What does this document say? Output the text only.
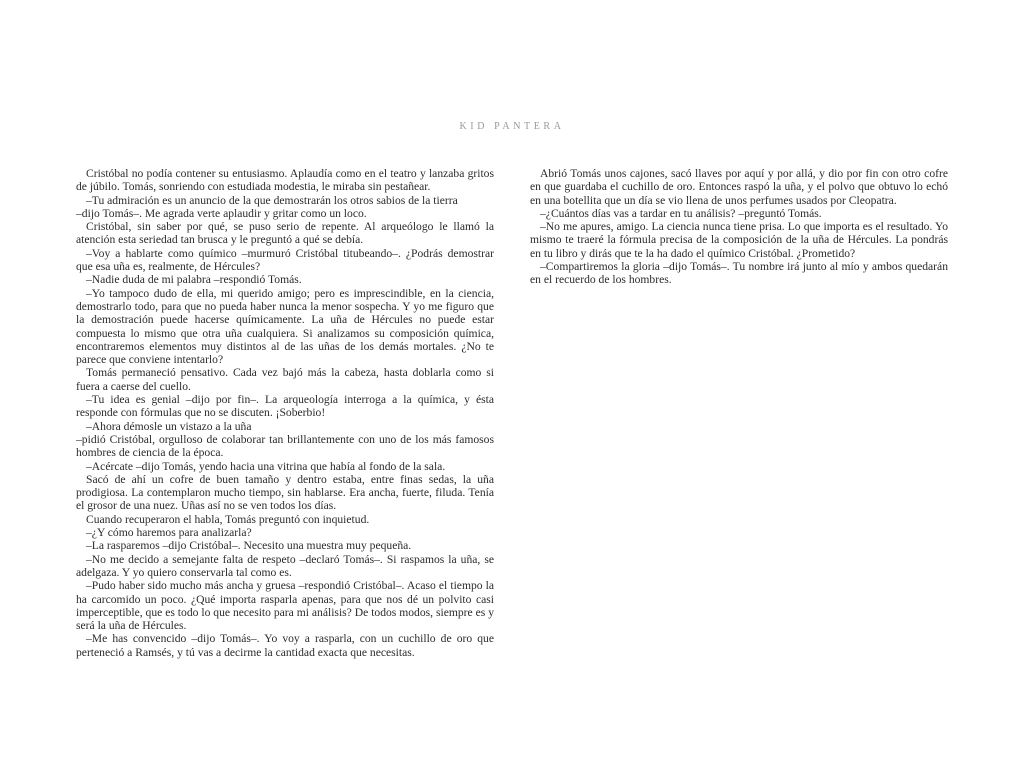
KID PANTERA

Cristóbal no podía contener su entusiasmo. Aplaudía como en el teatro y lanzaba gritos de júbilo. Tomás, sonriendo con estudiada modestia, le miraba sin pestañear.

–Tu admiración es un anuncio de la que demostrarán los otros sabios de la tierra

–dijo Tomás–. Me agrada verte aplaudir y gritar como un loco.

Cristóbal, sin saber por qué, se puso serio de repente. Al arqueólogo le llamó la atención esta seriedad tan brusca y le preguntó a qué se debía.

–Voy a hablarte como químico –murmuró Cristóbal titubeando–. ¿Podrás demostrar que esa uña es, realmente, de Hércules?

–Nadie duda de mi palabra –respondió Tomás.

–Yo tampoco dudo de ella, mi querido amigo; pero es imprescindible, en la ciencia, demostrarlo todo, para que no pueda haber nunca la menor sospecha. Y yo me figuro que la demostración puede hacerse químicamente. La uña de Hércules no puede estar compuesta lo mismo que otra uña cualquiera. Si analizamos su composición química, encontraremos elementos muy distintos al de las uñas de los demás mortales. ¿No te parece que conviene intentarlo?

Tomás permaneció pensativo. Cada vez bajó más la cabeza, hasta doblarla como si fuera a caerse del cuello.

–Tu idea es genial –dijo por fin–. La arqueología interroga a la química, y ésta responde con fórmulas que no se discuten. ¡Soberbio!

–Ahora démosle un vistazo a la uña

–pidió Cristóbal, orgulloso de colaborar tan brillantemente con uno de los más famosos hombres de ciencia de la época.

–Acércate –dijo Tomás, yendo hacia una vitrina que había al fondo de la sala.

Sacó de ahí un cofre de buen tamaño y dentro estaba, entre finas sedas, la uña prodigiosa. La contemplaron mucho tiempo, sin hablarse. Era ancha, fuerte, filuda. Tenía el grosor de una nuez. Uñas así no se ven todos los días.

Cuando recuperaron el habla, Tomás preguntó con inquietud.

–¿Y cómo haremos para analizarla?

–La rasparemos –dijo Cristóbal–. Necesito una muestra muy pequeña.

–No me decido a semejante falta de respeto –declaró Tomás–. Si raspamos la uña, se adelgaza. Y yo quiero conservarla tal como es.

–Pudo haber sido mucho más ancha y gruesa –respondió Cristóbal–. Acaso el tiempo la ha carcomido un poco. ¿Qué importa rasparla apenas, para que nos dé un polvito casi imperceptible, que es todo lo que necesito para mi análisis? De todos modos, siempre es y será la uña de Hércules.

–Me has convencido –dijo Tomás–. Yo voy a rasparla, con un cuchillo de oro que perteneció a Ramsés, y tú vas a decirme la cantidad exacta que necesitas.

Abrió Tomás unos cajones, sacó llaves por aquí y por allá, y dio por fin con otro cofre en que guardaba el cuchillo de oro. Entonces raspó la uña, y el polvo que obtuvo lo echó en una botellita que un día se vio llena de unos perfumes usados por Cleopatra.

–¿Cuántos días vas a tardar en tu análisis? –preguntó Tomás.

–No me apures, amigo. La ciencia nunca tiene prisa. Lo que importa es el resultado. Yo mismo te traeré la fórmula precisa de la composición de la uña de Hércules. La pondrás en tu libro y dirás que te la ha dado el químico Cristóbal. ¿Prometido?

–Compartiremos la gloria –dijo Tomás–. Tu nombre irá junto al mío y ambos quedarán en el recuerdo de los hombres.
